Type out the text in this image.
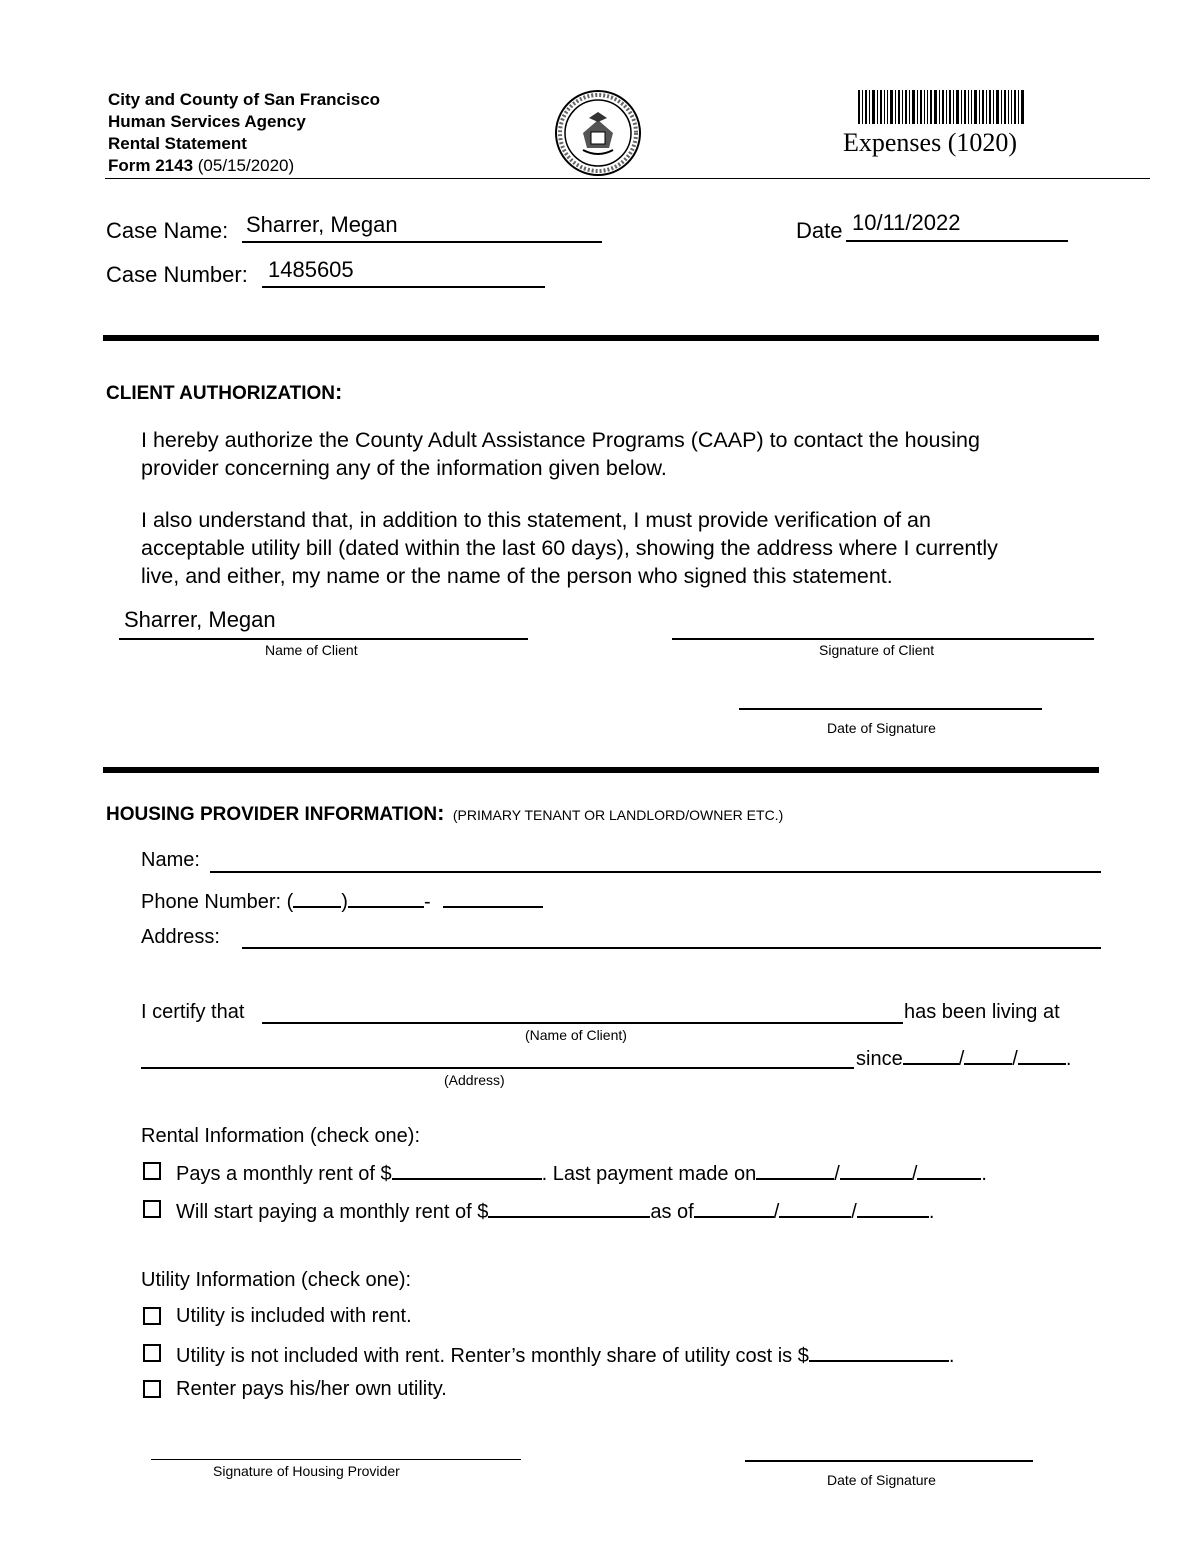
City and County of San Francisco
Human Services Agency
Rental Statement
Form 2143 (05/15/2020)
Expenses (1020)
Case Name: Sharrer, Megan	Date 10/11/2022
Case Number: 1485605
CLIENT AUTHORIZATION:
I hereby authorize the County Adult Assistance Programs (CAAP) to contact the housing
provider concerning any of the information given below.
I also understand that, in addition to this statement, I must provide verification of an
acceptable utility bill (dated within the last 60 days), showing the address where I currently
live, and either, my name or the name of the person who signed this statement.
Sharrer, Megan
Name of Client	Signature of Client
Date of Signature
HOUSING PROVIDER INFORMATION: (PRIMARY TENANT OR LANDLORD/OWNER ETC.)
Name:
Phone Number: ( )	-
Address:
I certify that	has been living at
(Name of Client)
since	/ / .
(Address)
Rental Information (check one):
Pays a monthly rent of $	. Last payment made on	/	/	.
Will start paying a monthly rent of $	as of	/	/	.
Utility Information (check one):
Utility is included with rent.
Utility is not included with rent. Renter’s monthly share of utility cost is $	.
Renter pays his/her own utility.
Signature of Housing Provider
Date of Signature
